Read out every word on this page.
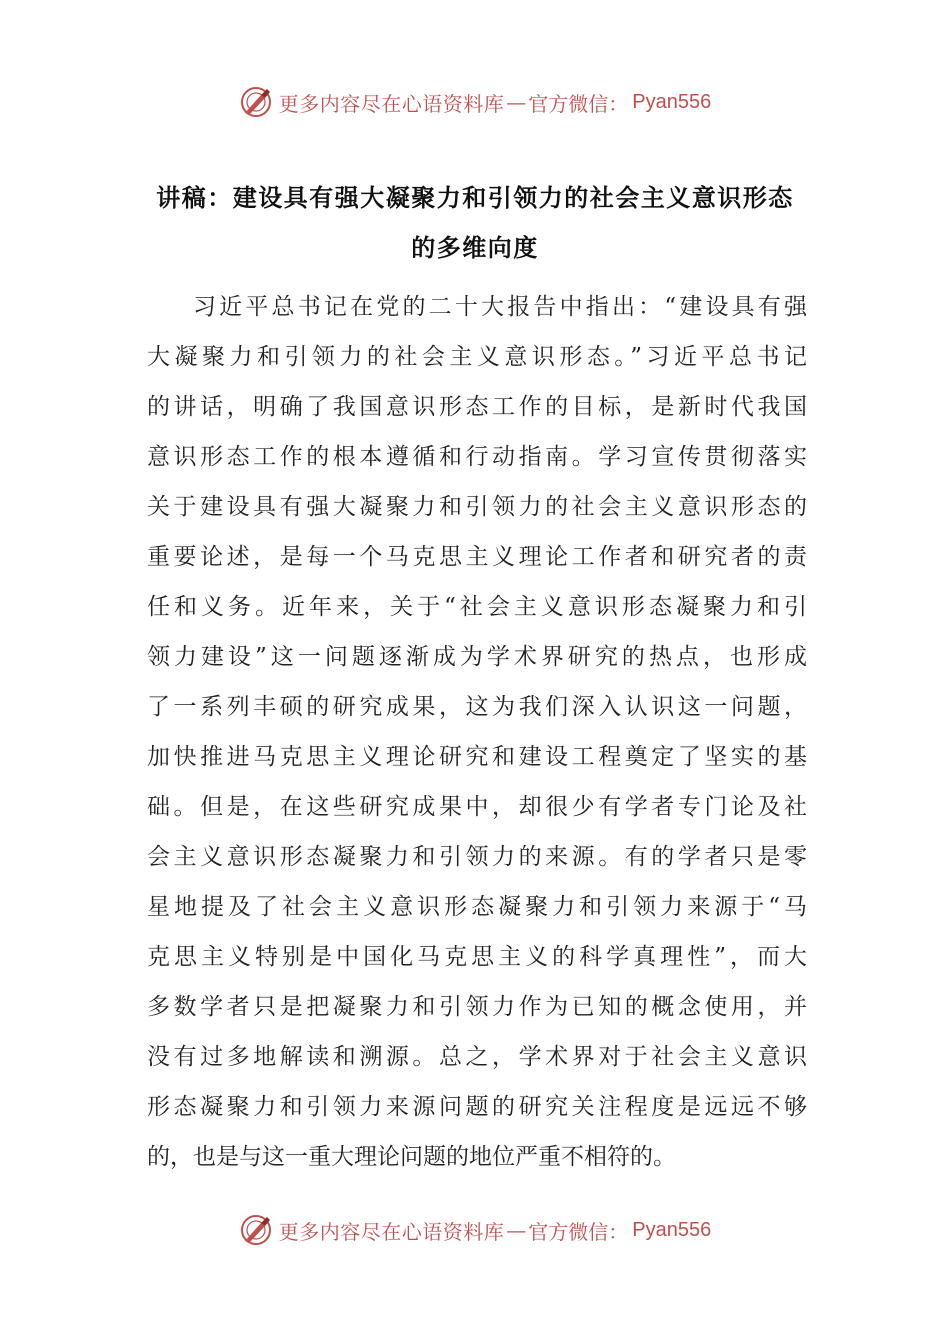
更多内容尽在心语资料库 — 官方微信： Pyan556
讲稿：建设具有强大凝聚力和引领力的社会主义意识形态
的多维向度
习近平总书记在党的二十大报告中指出：“建设具有强
大凝聚力和引领力的社会主义意识形态。”习近平总书记
的讲话，明确了我国意识形态工作的目标，是新时代我国
意识形态工作的根本遵循和行动指南。学习宣传贯彻落实
关于建设具有强大凝聚力和引领力的社会主义意识形态的
重要论述，是每一个马克思主义理论工作者和研究者的责
任和义务。近年来，关于“社会主义意识形态凝聚力和引
领力建设”这一问题逐渐成为学术界研究的热点，也形成
了一系列丰硕的研究成果，这为我们深入认识这一问题，
加快推进马克思主义理论研究和建设工程奠定了坚实的基
础。但是，在这些研究成果中，却很少有学者专门论及社
会主义意识形态凝聚力和引领力的来源。有的学者只是零
星地提及了社会主义意识形态凝聚力和引领力来源于“马
克思主义特别是中国化马克思主义的科学真理性”，而大
多数学者只是把凝聚力和引领力作为已知的概念使用，并
没有过多地解读和溯源。总之，学术界对于社会主义意识
形态凝聚力和引领力来源问题的研究关注程度是远远不够
的，也是与这一重大理论问题的地位严重不相符的。
更多内容尽在心语资料库 — 官方微信： Pyan556
